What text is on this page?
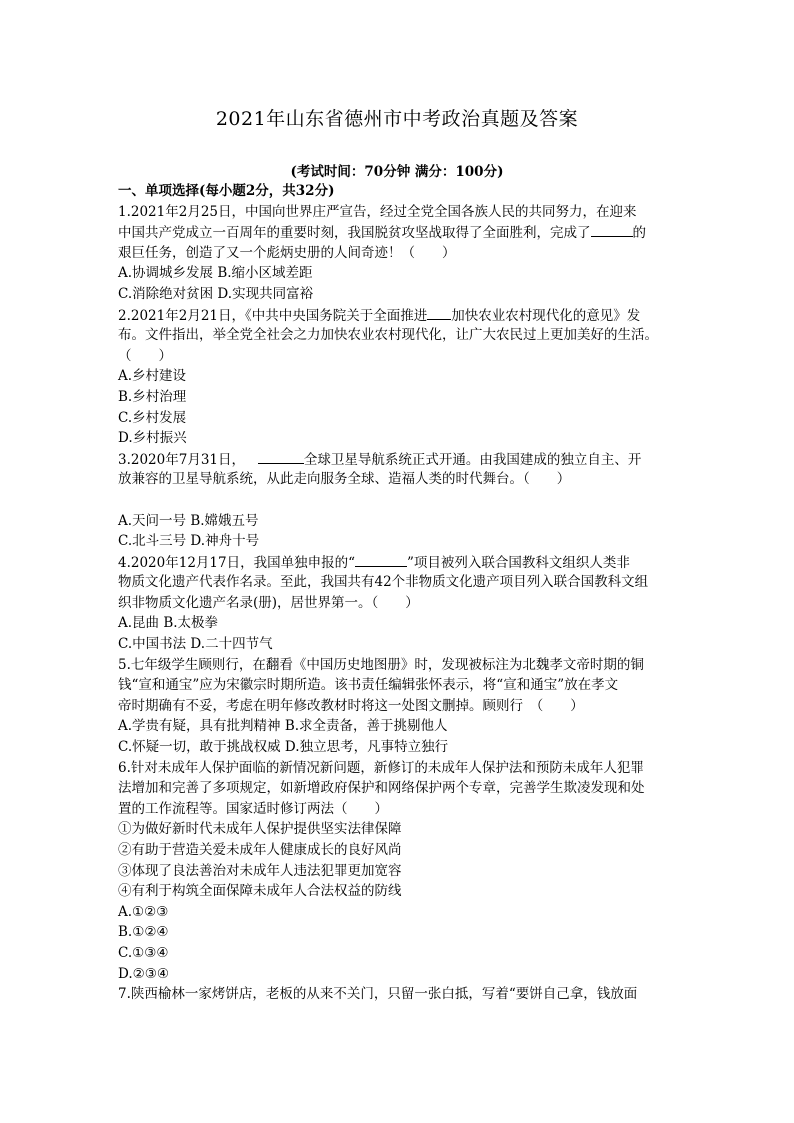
2021年山东省德州市中考政治真题及答案
(考试时间：70分钟 满分：100分)
一、单项选择(每小题2分，共32分)
1.2021年2月25日，中国向世界庄严宣告，经过全党全国各族人民的共同努力，在迎来
中国共产党成立一百周年的重要时刻，我国脱贫攻坚战取得了全面胜利，完成了	的
艰巨任务，创造了又一个彪炳史册的人间奇迹！（　　）
A.协调城乡发展 B.缩小区域差距
C.消除绝对贫困 D.实现共同富裕
2.2021年2月21日，《中共中央国务院关于全面推进 加快农业农村现代化的意见》发
布。文件指出，举全党全社会之力加快农业农村现代化，让广大农民过上更加美好的生活。
（　　）
A.乡村建设
B.乡村治理
C.乡村发展
D.乡村振兴
3.2020年7月31日，	全球卫星导航系统正式开通。由我国建成的独立自主、开
放兼容的卫星导航系统，从此走向服务全球、造福人类的时代舞台。（　　）
A.天问一号 B.嫦娥五号
C.北斗三号 D.神舟十号
4.2020年12月17日，我国单独申报的“	”项目被列入联合国教科文组织人类非
物质文化遗产代表作名录。至此，我国共有42个非物质文化遗产项目列入联合国教科文组
织非物质文化遗产名录(册)，居世界第一。（　　）
A.昆曲 B.太极拳
C.中国书法 D.二十四节气
5.七年级学生顾则行，在翻看《中国历史地图册》时，发现被标注为北魏孝文帝时期的铜
钱“宣和通宝”应为宋徽宗时期所造。该书责任编辑张怀表示，将“宣和通宝”放在孝文
帝时期确有不妥，考虑在明年修改教材时将这一处图文删掉。顾则行　（　　）
A.学贵有疑，具有批判精神 B.求全责备，善于挑剔他人
C.怀疑一切，敢于挑战权威 D.独立思考，凡事特立独行
6.针对未成年人保护面临的新情况新问题，新修订的未成年人保护法和预防未成年人犯罪
法增加和完善了多项规定，如新增政府保护和网络保护两个专章，完善学生欺凌发现和处
置的工作流程等。国家适时修订两法（　　）
①为做好新时代未成年人保护提供坚实法律保障
②有助于营造关爱未成年人健康成长的良好风尚
③体现了良法善治对未成年人违法犯罪更加宽容
④有利于构筑全面保障未成年人合法权益的防线
A.①②③
B.①②④
C.①③④
D.②③④
7.陕西榆林一家烤饼店，老板的从来不关门，只留一张白抵，写着“要饼自己拿，钱放面
